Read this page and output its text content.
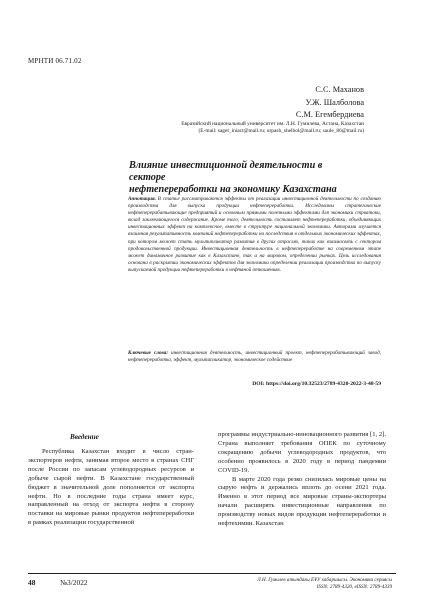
МРНТИ 06.71.02
С.С. Маханов
У.Ж. Шалболова
С.М. Егембердиева
Евразийский национальный университет им. Л.Н. Гумилева, Астана, Казахстан
(E-mail: saget_iniact@mail.ru; urpash_shelbol@mail.ru; saule_86@mail.ru)
Влияние инвестиционной деятельности в секторе
нефтепереработки на экономику Казахстана
Аннотация. В статье рассматриваются эффекты от реализации инвестиционной деятельности по созданию производства для выпуска продукции нефтепереработки. Исследованы стратегические нефтеперерабатывающие предприятий и основным прямыми полезными эффектами для экономики стрватоки, вклад заключающегося содержание. Кроме того, деятельность составляет нефтепереработки, объединяющих инвестиционных эффект на комплексное, вместе в структуре национальной экономики. Авторами изучается взаимная результативность компаний нефтепереработки на последствия в отдельных экономических эффектах, при котором может стать мультипликатор развития в других отраслях, таких как взаимосвязь с сектором продовольственной продукции. Инвестиционная деятельность в нефтепереработке на современном этапе может динамичное развитие как в Казахстане, так и на мировом, определении рынках. Цель исследования основана в раскрытии экономических эффектов для экономики определении реализации производства по выпуску выпускаемой продукции нефтепереработки в нефтяной отношениях.
Ключевые слова: инвестиционная деятельность, инвестиционный проект, нефтеперерабатывающий завод, нефтепереработка, эффект, мультипликатор, экономическое содействие
DOI: https://doi.org/10.32523/2789-4320-2022-3-48-59
Введение

Республика Казахстан входит в число стран-экспортеров нефти, занимая второе место в странах СНГ после России по запасам углеводородных ресурсов и добыче сырой нефти. В Казахстане государственный бюджет в значительной доле пополняется от экспорта нефти. Но в последние годы страна имеет курс, направленный на отход от экспорта нефти в сторону поставки на мировые рынки продуктов нефтепереработки в рамках реализации государственной

программы индустриально-инновационного развития [1, 2]. Страна выполняет требования ОПЕК по суточному сокращению добычи углеводородных продуктов, что особенно проявилось в 2020 году в период пандемии COVID-19.

В марте 2020 года резко снизилась мировые цены на сырую нефть и держались вплоть до осени 2021 года. Именно в этот период все мировые страны-экспортеры начали расширять инвестиционные направления по производству новых видов продукции нефтепереработки и нефтехимии. Казахстан

48	№3/2022	Л.Н. Гумилев атындағы ЕҰУ хабаршысы. Экономика сериясы
ISSN: 2789-4320, eISSN: 2789-4339
